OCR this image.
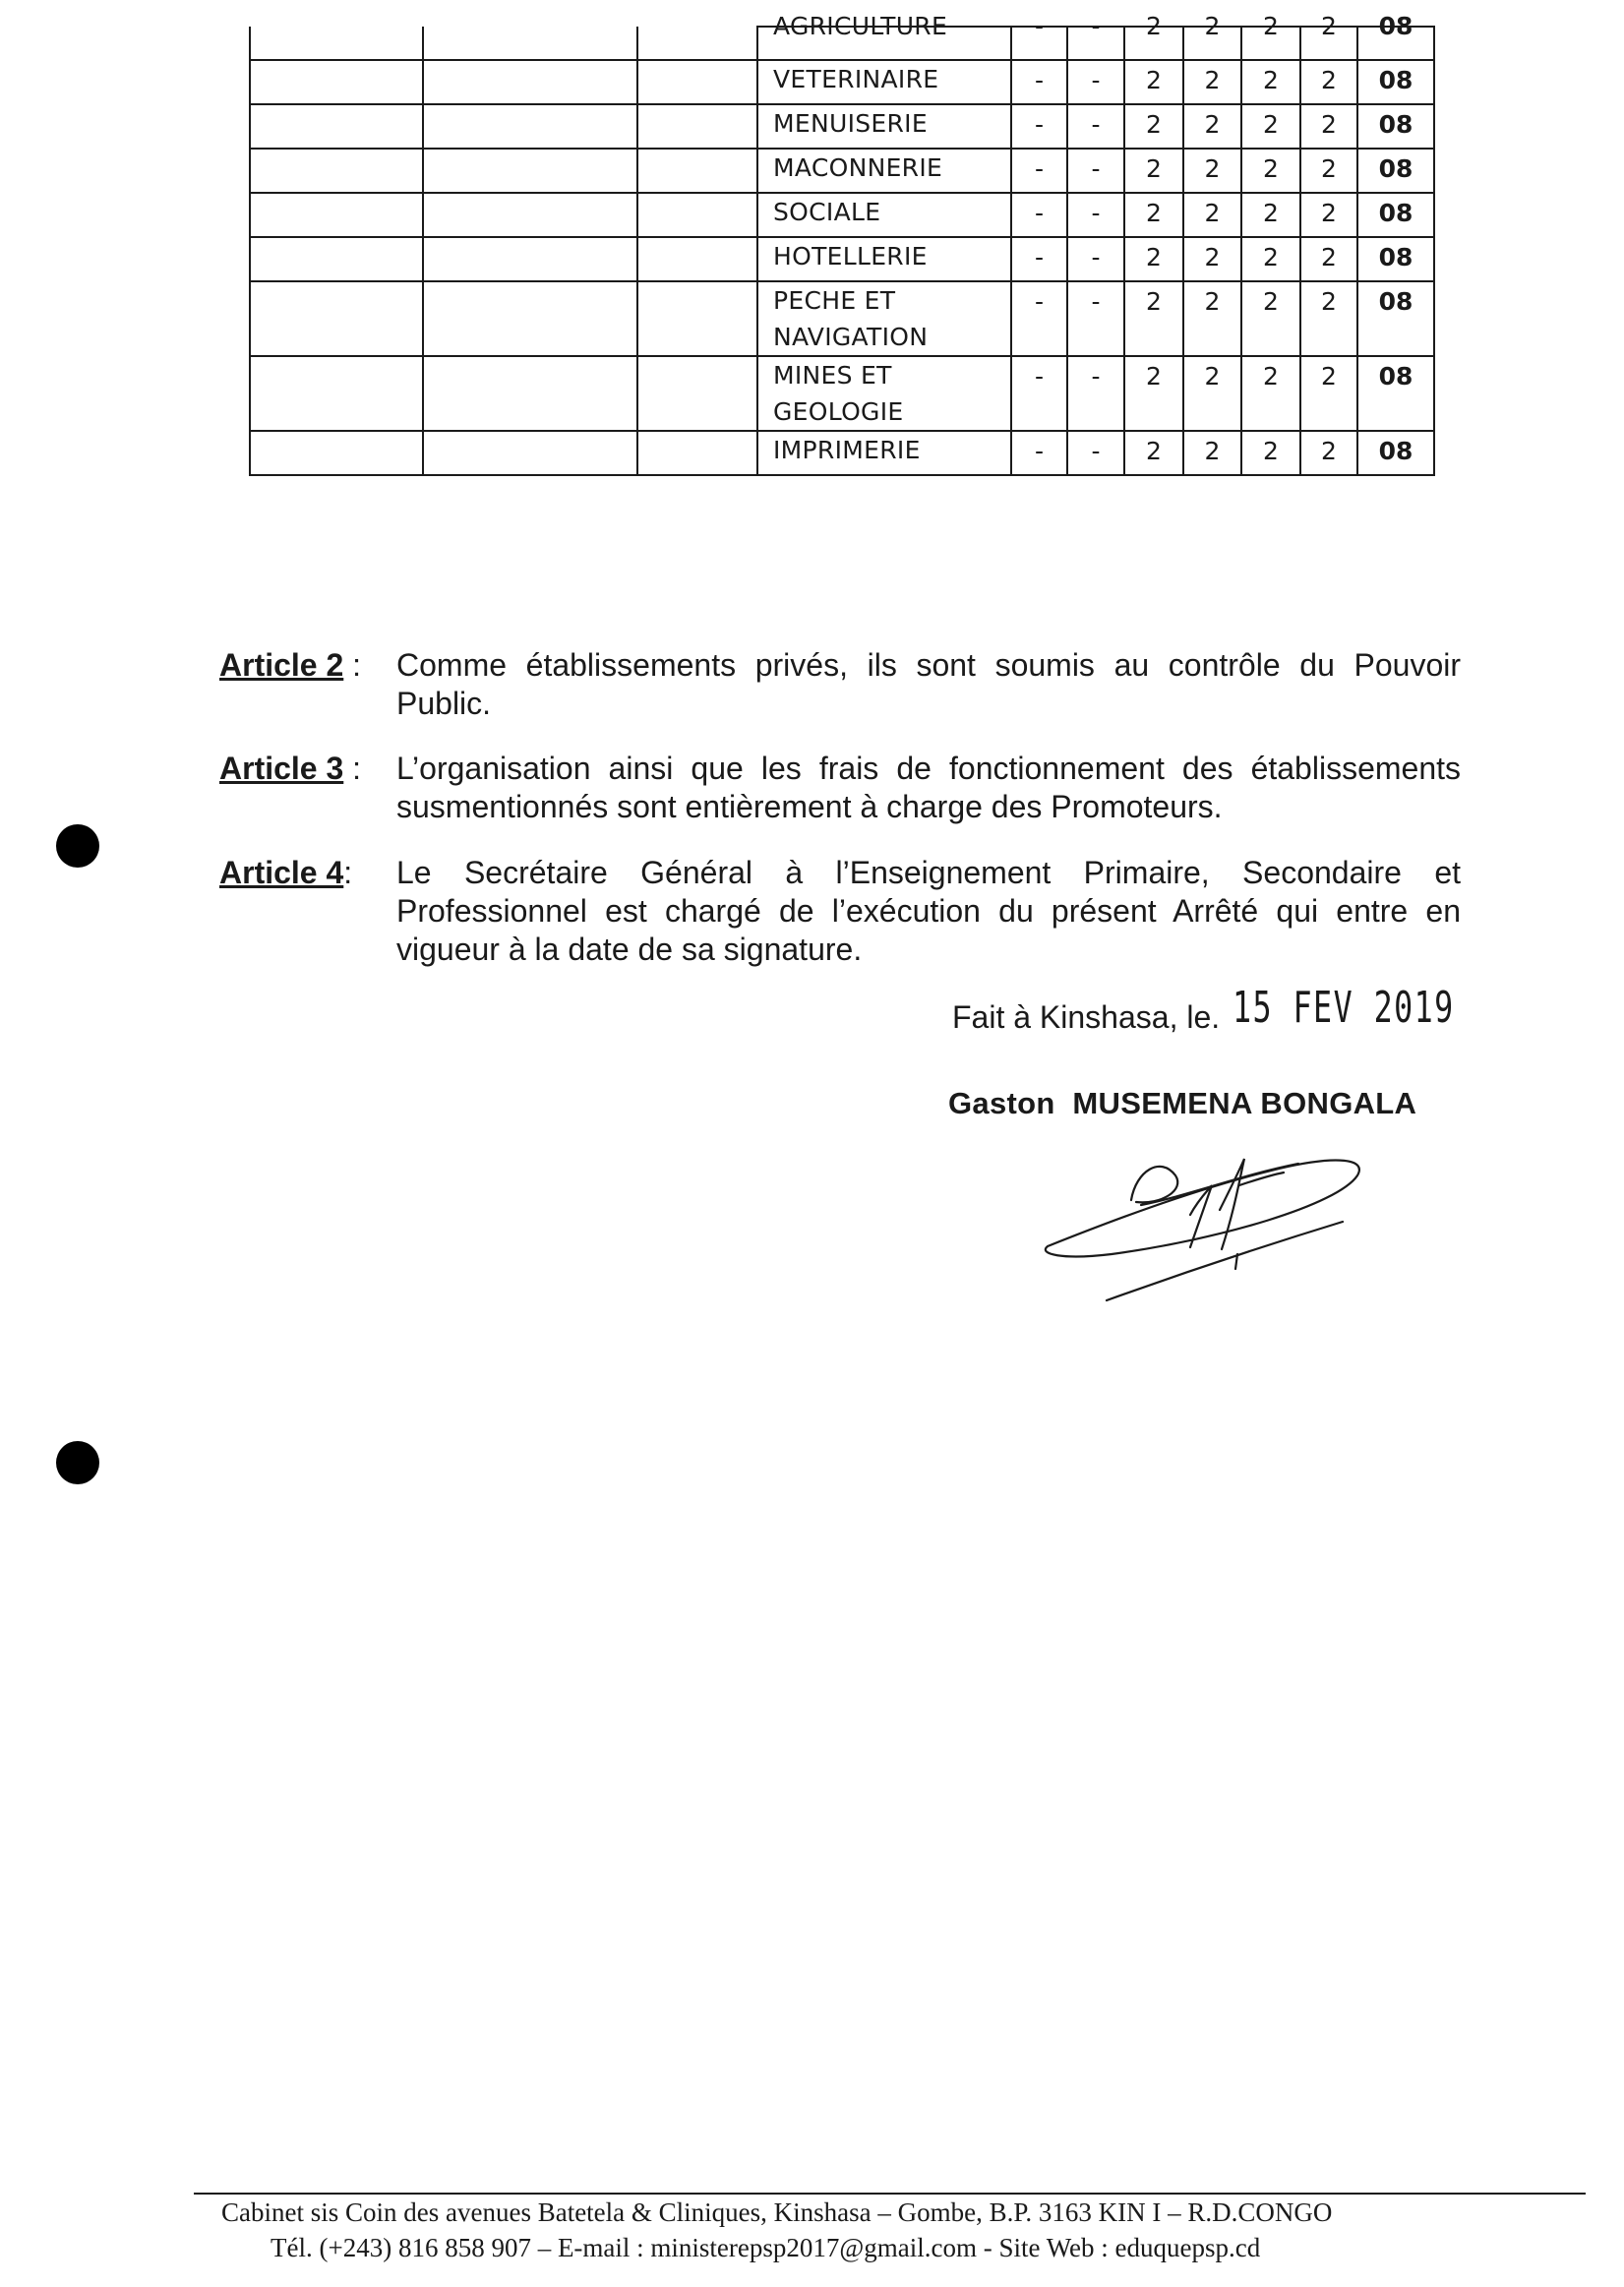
			AGRICULTURE	-	-	2	2	2	2	08

			VETERINAIRE	-	-	2	2	2	2	08
			MENUISERIE	-	-	2	2	2	2	08
			MACONNERIE	-	-	2	2	2	2	08
			SOCIALE	-	-	2	2	2	2	08
			HOTELLERIE	-	-	2	2	2	2	08
			PECHE ET NAVIGATION	-	-	2	2	2	2	08
			MINES ET GEOLOGIE	-	-	2	2	2	2	08
			IMPRIMERIE	-	-	2	2	2	2	08
Article 2 : Comme établissements privés, ils sont soumis au contrôle du Pouvoir Public.
Article 3 : L’organisation ainsi que les frais de fonctionnement des établissements susmentionnés sont entièrement à charge des Promoteurs.
Article 4: Le Secrétaire Général à l’Enseignement Primaire, Secondaire et Professionnel est chargé de l’exécution du présent Arrêté qui entre en vigueur à la date de sa signature.
Fait à Kinshasa, le. 15 FEV 2019
Gaston MUSEMENA BONGALA
Cabinet sis Coin des avenues Batetela & Cliniques, Kinshasa – Gombe, B.P. 3163 KIN I – R.D.CONGO
Tél. (+243) 816 858 907 – E-mail : ministerepsp2017@gmail.com - Site Web : eduquepsp.cd
